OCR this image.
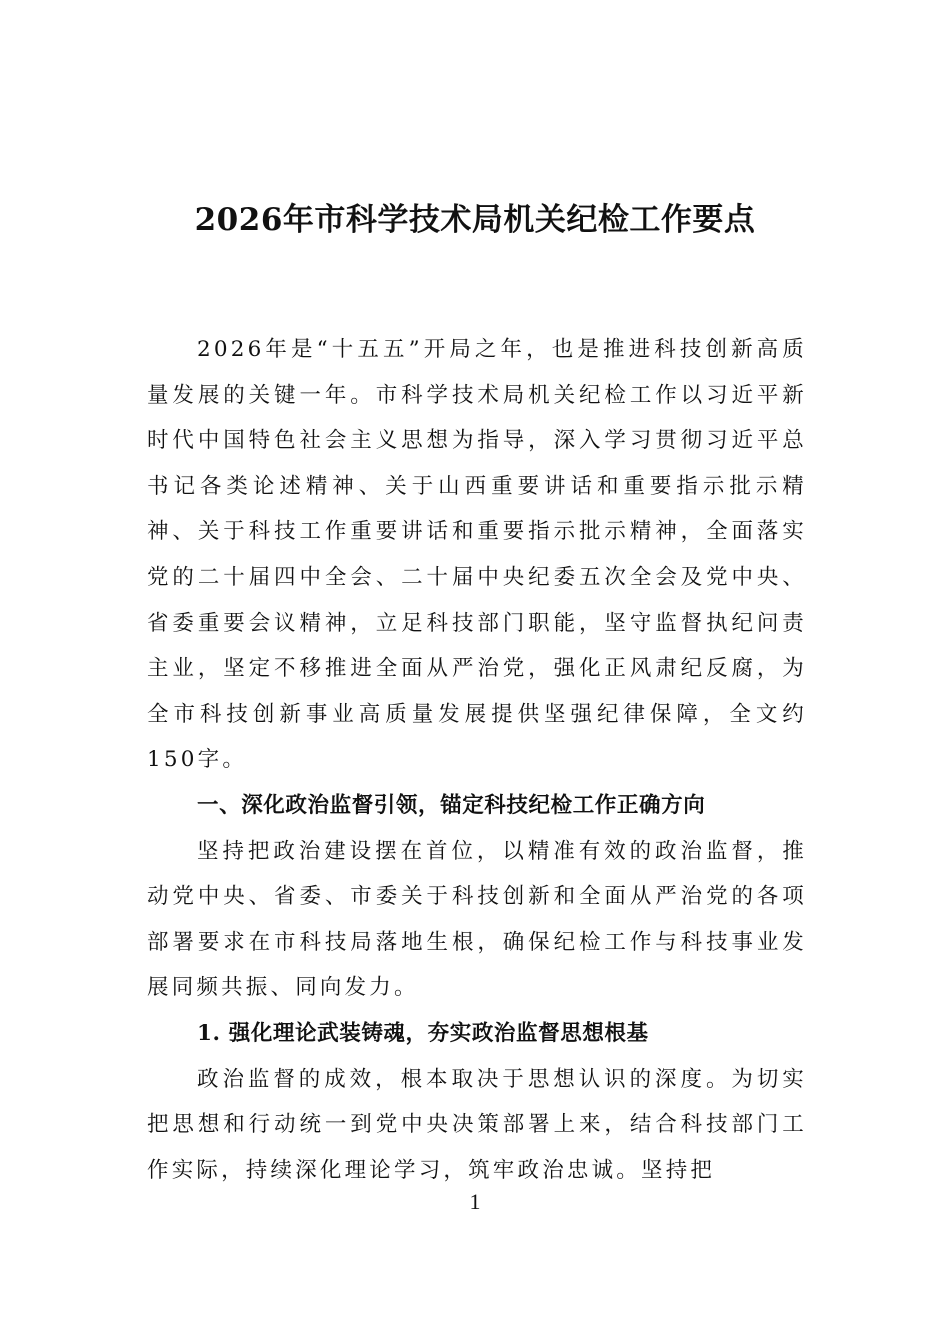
2026年市科学技术局机关纪检工作要点

2026年是“十五五”开局之年，也是推进科技创新高质量发展的关键一年。市科学技术局机关纪检工作以习近平新时代中国特色社会主义思想为指导，深入学习贯彻习近平总书记各类论述精神、关于山西重要讲话和重要指示批示精神、关于科技工作重要讲话和重要指示批示精神，全面落实党的二十届四中全会、二十届中央纪委五次全会及党中央、省委重要会议精神，立足科技部门职能，坚守监督执纪问责主业，坚定不移推进全面从严治党，强化正风肃纪反腐，为全市科技创新事业高质量发展提供坚强纪律保障，全文约150字。

一、深化政治监督引领，锚定科技纪检工作正确方向

坚持把政治建设摆在首位，以精准有效的政治监督，推动党中央、省委、市委关于科技创新和全面从严治党的各项部署要求在市科技局落地生根，确保纪检工作与科技事业发展同频共振、同向发力。

1. 强化理论武装铸魂，夯实政治监督思想根基

政治监督的成效，根本取决于思想认识的深度。为切实把思想和行动统一到党中央决策部署上来，结合科技部门工作实际，持续深化理论学习，筑牢政治忠诚。坚持把

1
